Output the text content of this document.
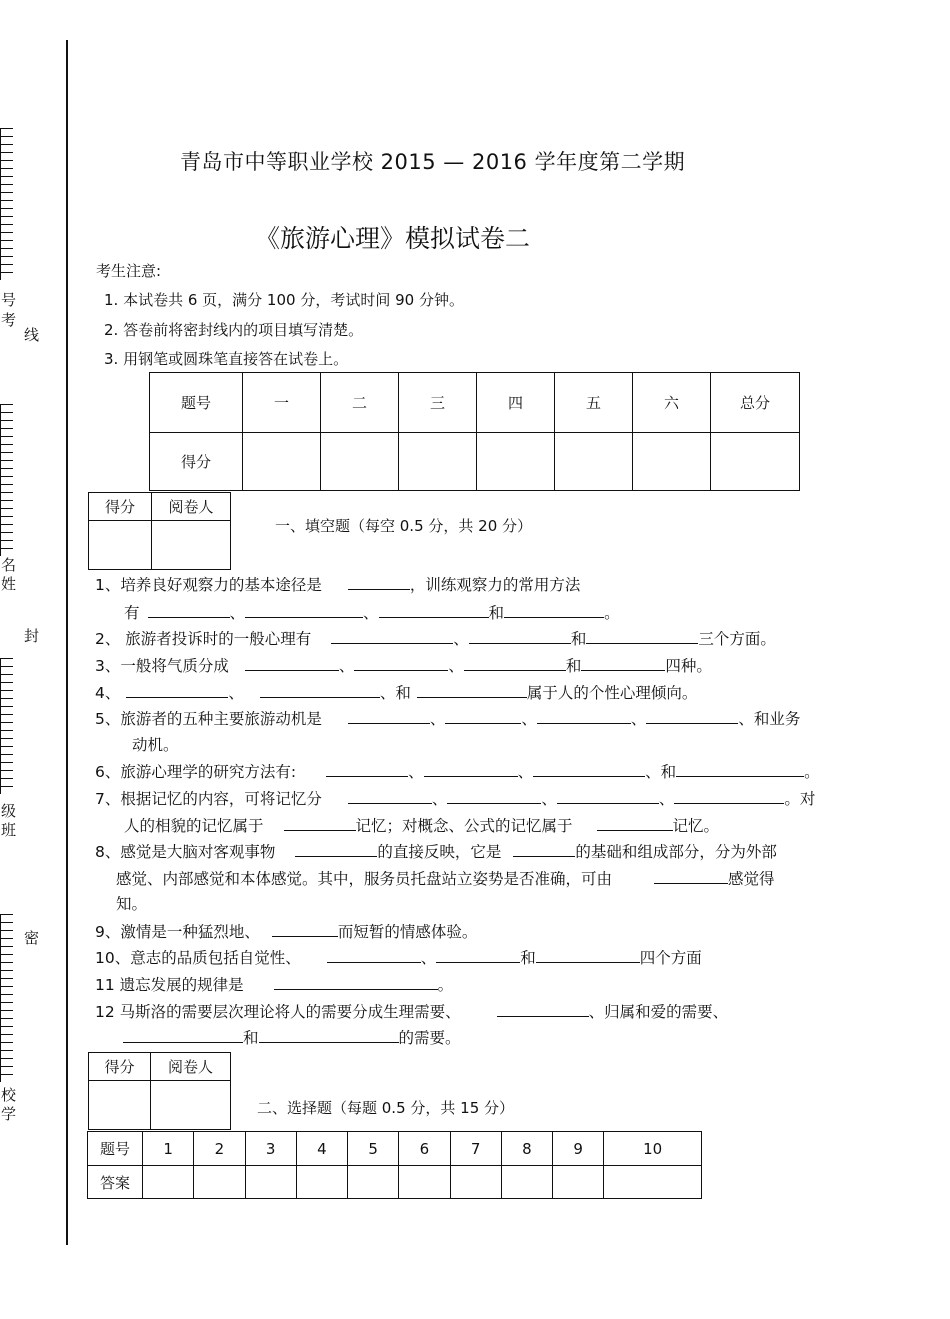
号
考
线
名
姓
封
级
班
密
校
学
青岛市中等职业学校 2015 — 2016 学年度第二学期
《旅游心理》模拟试卷二
考生注意:
1. 本试卷共 6 页，满分 100 分，考试时间 90 分钟。
2. 答卷前将密封线内的项目填写清楚。
3. 用钢笔或圆珠笔直接答在试卷上。
题号	一	二	三	四	五	六	总分
得分							
得分	阅卷人

一、填空题（每空 0.5 分，共 20 分）
1、培养良好观察力的基本途径是	，训练观察力的常用方法
有	、	、	和	。
2、 旅游者投诉时的一般心理有	、	和	三个方面。
3、一般将气质分成	、	、	和	四种。
4、	、	、和	属于人的个性心理倾向。
5、旅游者的五种主要旅游动机是	、	、	、	、和业务
动机。
6、旅游心理学的研究方法有:	、	、	、和	。
7、根据记忆的内容，可将记忆分	、	、	、	。对
人的相貌的记忆属于	记忆；对概念、公式的记忆属于	记忆。
8、感觉是大脑对客观事物	的直接反映，它是	的基础和组成部分，分为外部
感觉、内部感觉和本体感觉。其中，服务员托盘站立姿势是否准确，可由	感觉得
知。
9、激情是一种猛烈地、	而短暂的情感体验。
10、意志的品质包括自觉性、	、	和	四个方面
11 遗忘发展的规律是	。
12 马斯洛的需要层次理论将人的需要分成生理需要、	、归属和爱的需要、
和	的需要。
得分	阅卷人

二、选择题（每题 0.5 分，共 15 分）
题号	1	2	3	4	5	6	7	8	9	10
答案										
